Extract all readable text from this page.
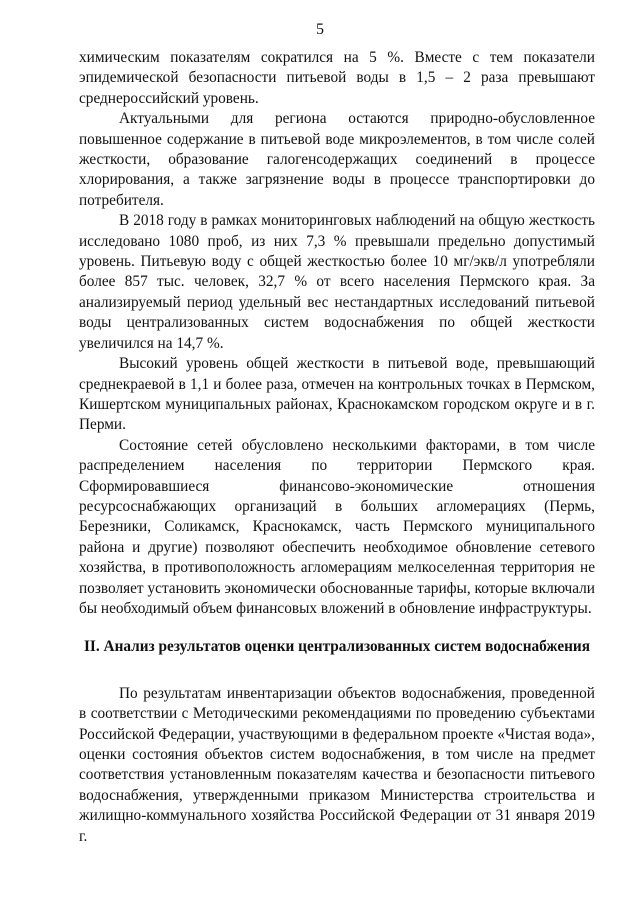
5

химическим показателям сократился на 5 %. Вместе с тем показатели эпидемической безопасности питьевой воды в 1,5 – 2 раза превышают среднероссийский уровень.

Актуальными для региона остаются природно-обусловленное повышенное содержание в питьевой воде микроэлементов, в том числе солей жесткости, образование галогенсодержащих соединений в процессе хлорирования, а также загрязнение воды в процессе транспортировки до потребителя.

В 2018 году в рамках мониторинговых наблюдений на общую жесткость исследовано 1080 проб, из них 7,3 % превышали предельно допустимый уровень. Питьевую воду с общей жесткостью более 10 мг/экв/л употребляли более 857 тыс. человек, 32,7 % от всего населения Пермского края. За анализируемый период удельный вес нестандартных исследований питьевой воды централизованных систем водоснабжения по общей жесткости увеличился на 14,7 %.

Высокий уровень общей жесткости в питьевой воде, превышающий среднекраевой в 1,1 и более раза, отмечен на контрольных точках в Пермском, Кишертском муниципальных районах, Краснокамском городском округе и в г. Перми.

Состояние сетей обусловлено несколькими факторами, в том числе распределением населения по территории Пермского края. Сформировавшиеся финансово-экономические отношения ресурсоснабжающих организаций в больших агломерациях (Пермь, Березники, Соликамск, Краснокамск, часть Пермского муниципального района и другие) позволяют обеспечить необходимое обновление сетевого хозяйства, в противоположность агломерациям мелкоселенная территория не позволяет установить экономически обоснованные тарифы, которые включали бы необходимый объем финансовых вложений в обновление инфраструктуры.

II. Анализ результатов оценки централизованных систем водоснабжения

По результатам инвентаризации объектов водоснабжения, проведенной в соответствии с Методическими рекомендациями по проведению субъектами Российской Федерации, участвующими в федеральном проекте «Чистая вода», оценки состояния объектов систем водоснабжения, в том числе на предмет соответствия установленным показателям качества и безопасности питьевого водоснабжения, утвержденными приказом Министерства строительства и жилищно-коммунального хозяйства Российской Федерации от 31 января 2019 г.
